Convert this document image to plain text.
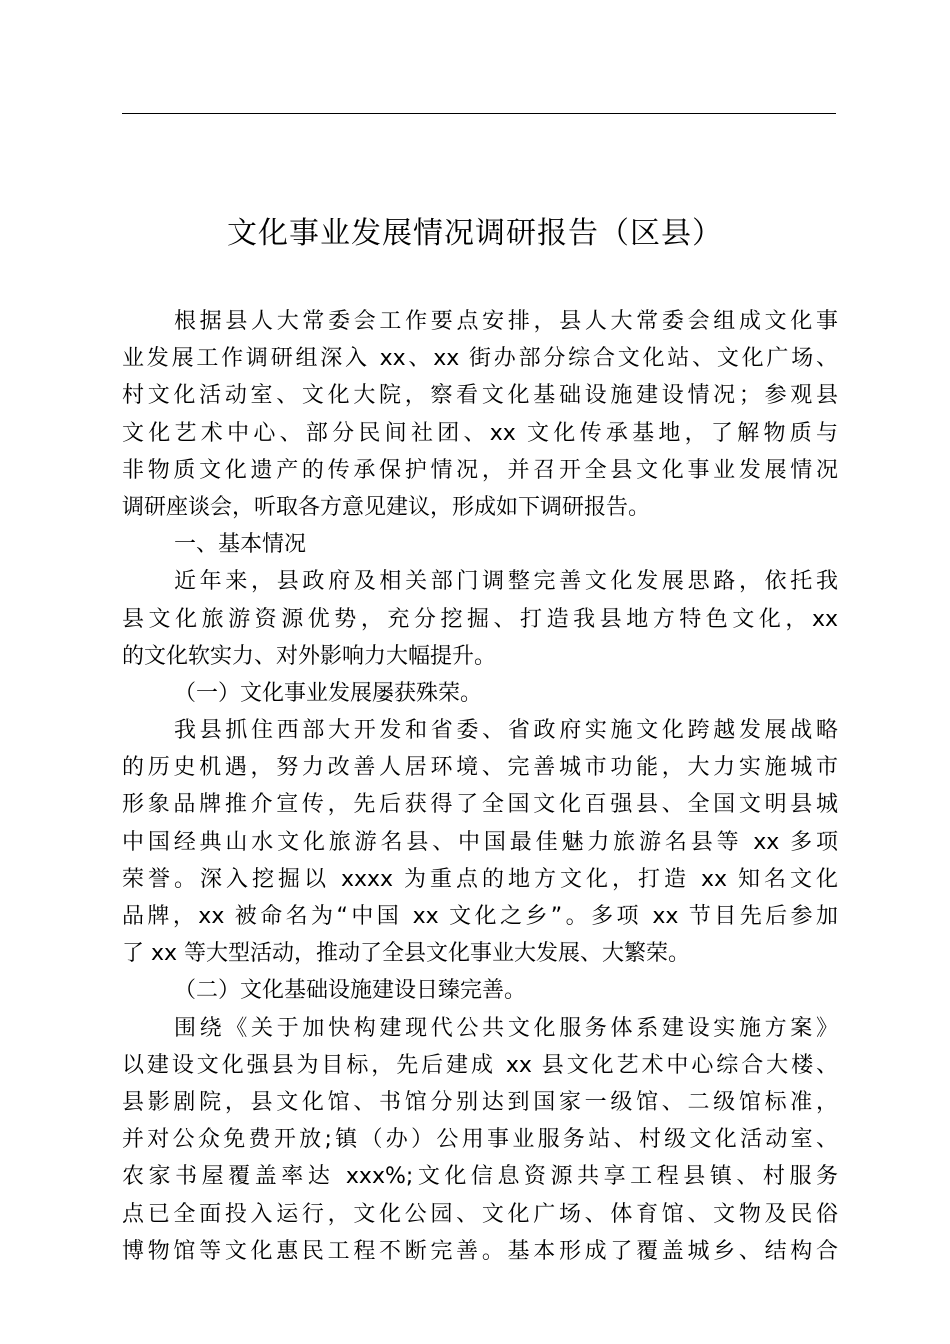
文化事业发展情况调研报告（区县）
根据县人大常委会工作要点安排，县人大常委会组成文化事
业发展工作调研组深入 xx、xx 街办部分综合文化站、文化广场、
村文化活动室、文化大院，察看文化基础设施建设情况；参观县
文化艺术中心、部分民间社团、xx 文化传承基地，了解物质与
非物质文化遗产的传承保护情况，并召开全县文化事业发展情况
调研座谈会，听取各方意见建议，形成如下调研报告。
一、基本情况
近年来，县政府及相关部门调整完善文化发展思路，依托我
县文化旅游资源优势，充分挖掘、打造我县地方特色文化，xx
的文化软实力、对外影响力大幅提升。
（一）文化事业发展屡获殊荣。
我县抓住西部大开发和省委、省政府实施文化跨越发展战略
的历史机遇，努力改善人居环境、完善城市功能，大力实施城市
形象品牌推介宣传，先后获得了全国文化百强县、全国文明县城
中国经典山水文化旅游名县、中国最佳魅力旅游名县等 xx 多项
荣誉。深入挖掘以 xxxx 为重点的地方文化，打造 xx 知名文化
品牌，xx 被命名为“中国 xx 文化之乡”。多项 xx 节目先后参加
了 xx 等大型活动，推动了全县文化事业大发展、大繁荣。
（二）文化基础设施建设日臻完善。
围绕《关于加快构建现代公共文化服务体系建设实施方案》
以建设文化强县为目标，先后建成 xx 县文化艺术中心综合大楼、
县影剧院，县文化馆、书馆分别达到国家一级馆、二级馆标准，
并对公众免费开放;镇（办）公用事业服务站、村级文化活动室、
农家书屋覆盖率达 xxx%;文化信息资源共享工程县镇、村服务
点已全面投入运行，文化公园、文化广场、体育馆、文物及民俗
博物馆等文化惠民工程不断完善。基本形成了覆盖城乡、结构合
